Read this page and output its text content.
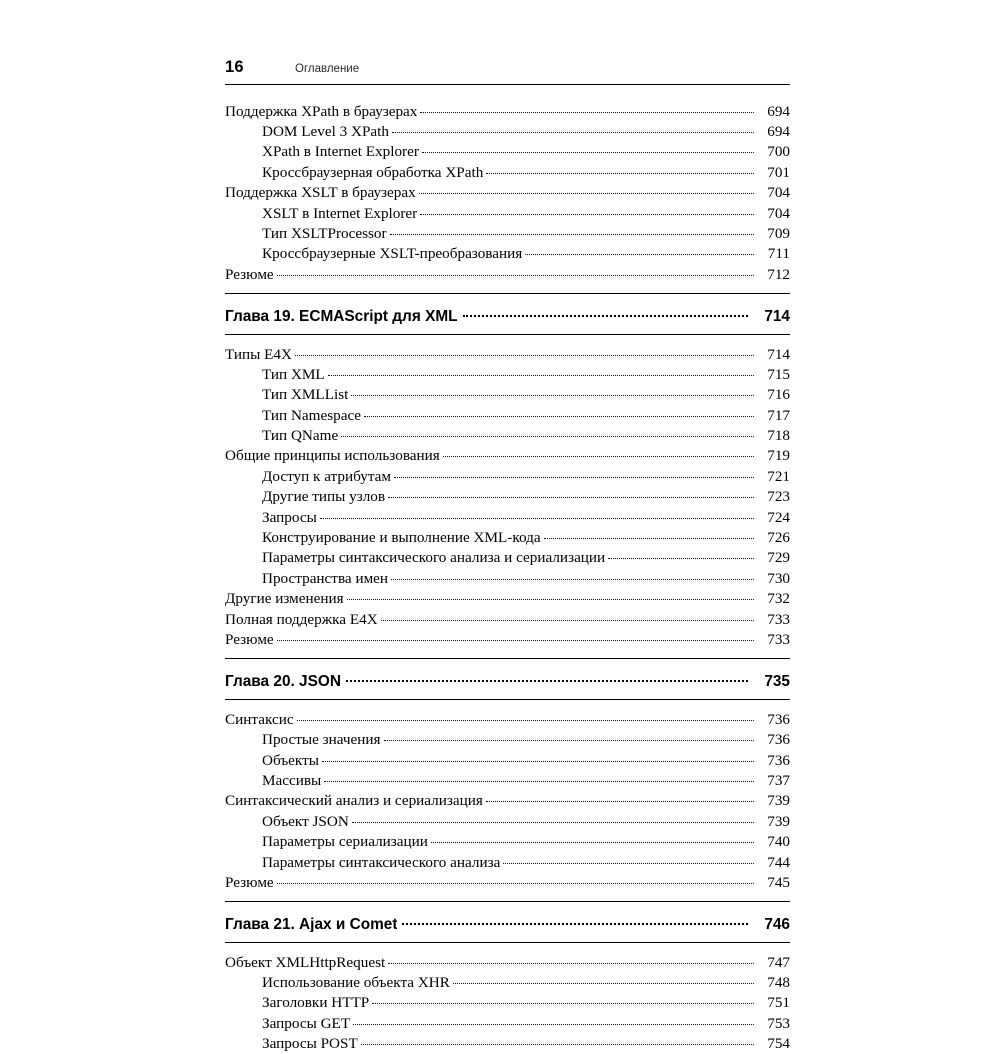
16	Оглавление
Поддержка XPath в браузерах	694
DOM Level 3 XPath	694
XPath в Internet Explorer	700
Кроссбраузерная обработка XPath	701
Поддержка XSLT в браузерах	704
XSLT в Internet Explorer	704
Тип XSLTProcessor	709
Кроссбраузерные XSLT-преобразования	711
Резюме	712
Глава 19. ECMAScript для XML	714
Типы E4X	714
Тип XML	715
Тип XMLList	716
Тип Namespace	717
Тип QName	718
Общие принципы использования	719
Доступ к атрибутам	721
Другие типы узлов	723
Запросы	724
Конструирование и выполнение XML-кода	726
Параметры синтаксического анализа и сериализации	729
Пространства имен	730
Другие изменения	732
Полная поддержка E4X	733
Резюме	733
Глава 20. JSON	735
Синтаксис	736
Простые значения	736
Объекты	736
Массивы	737
Синтаксический анализ и сериализация	739
Объект JSON	739
Параметры сериализации	740
Параметры синтаксического анализа	744
Резюме	745
Глава 21. Ajax и Comet	746
Объект XMLHttpRequest	747
Использование объекта XHR	748
Заголовки HTTP	751
Запросы GET	753
Запросы POST	754
